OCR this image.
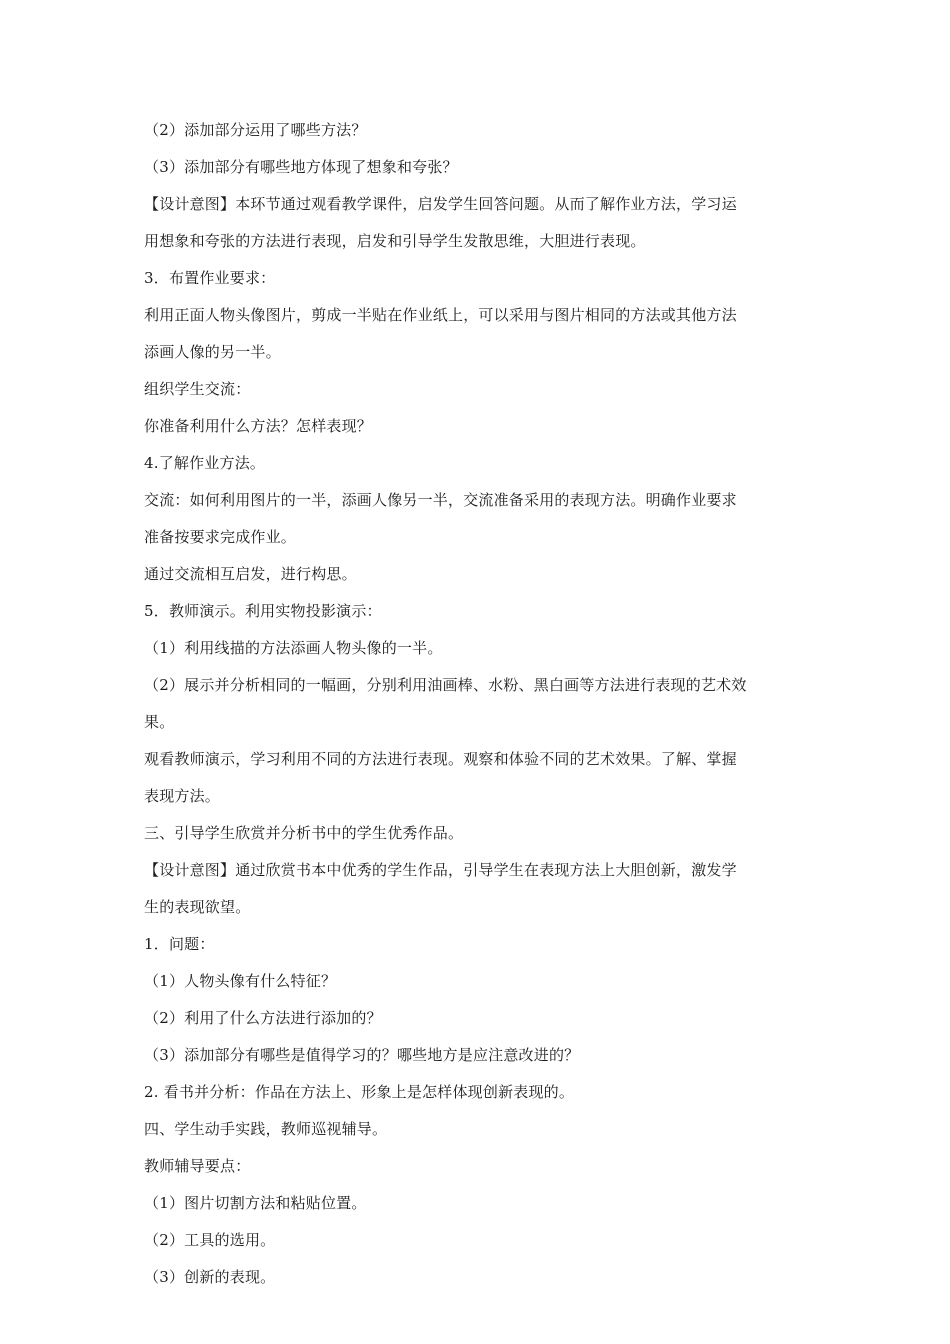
（2）添加部分运用了哪些方法？
（3）添加部分有哪些地方体现了想象和夸张？
【设计意图】本环节通过观看教学课件，启发学生回答问题。从而了解作业方法，学习运
用想象和夸张的方法进行表现，启发和引导学生发散思维，大胆进行表现。
3．布置作业要求：
利用正面人物头像图片，剪成一半贴在作业纸上，可以采用与图片相同的方法或其他方法
添画人像的另一半。
组织学生交流：
你准备利用什么方法？怎样表现？
4.了解作业方法。
交流：如何利用图片的一半，添画人像另一半，交流准备采用的表现方法。明确作业要求
准备按要求完成作业。
通过交流相互启发，进行构思。
5．教师演示。利用实物投影演示：
（1）利用线描的方法添画人物头像的一半。
（2）展示并分析相同的一幅画，分别利用油画棒、水粉、黑白画等方法进行表现的艺术效
果。
观看教师演示，学习利用不同的方法进行表现。观察和体验不同的艺术效果。了解、掌握
表现方法。
三、引导学生欣赏并分析书中的学生优秀作品。
【设计意图】通过欣赏书本中优秀的学生作品，引导学生在表现方法上大胆创新，激发学
生的表现欲望。
1．问题：
（1）人物头像有什么特征？
（2）利用了什么方法进行添加的？
（3）添加部分有哪些是值得学习的？哪些地方是应注意改进的？
2. 看书并分析：作品在方法上、形象上是怎样体现创新表现的。
四、学生动手实践，教师巡视辅导。
教师辅导要点：
（1）图片切割方法和粘贴位置。
（2）工具的选用。
（3）创新的表现。
